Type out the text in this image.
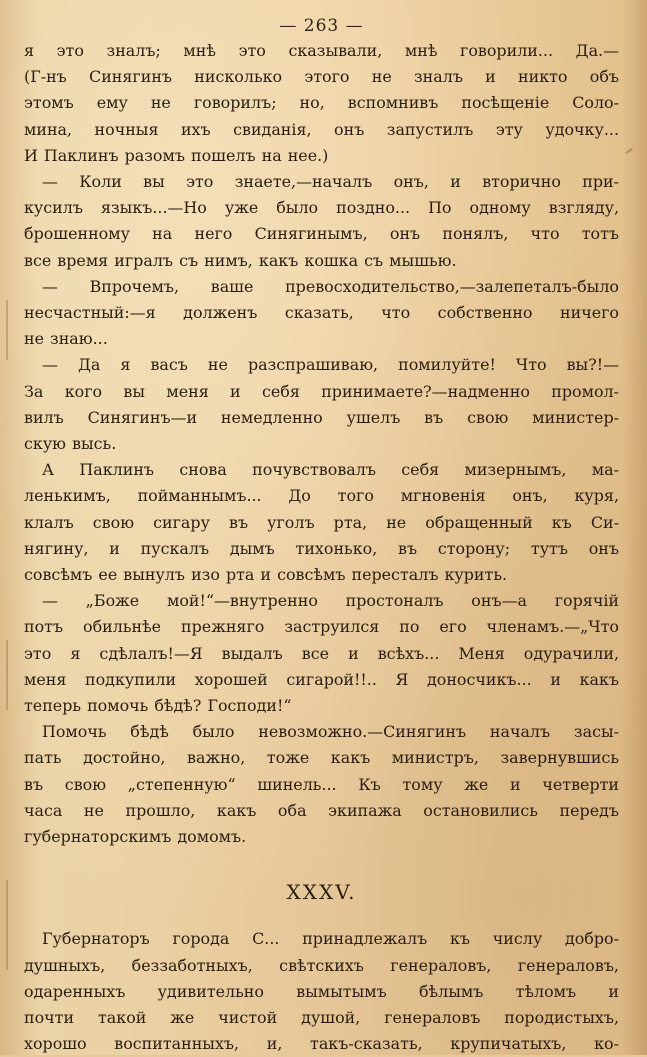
— 263 —

я это зналъ; мнѣ это сказывали, мнѣ говорили... Да.—
(Г-нъ Синягинъ нисколько этого не зналъ и никто объ
этомъ ему не говорилъ; но, вспомнивъ посѣщеніе Соло-
мина, ночныя ихъ свиданія, онъ запустилъ эту удочку...
И Паклинъ разомъ пошелъ на нее.)

— Коли вы это знаете,—началъ онъ, и вторично при-
кусилъ языкъ...—Но уже было поздно... По одному взгляду,
брошенному на него Синягинымъ, онъ понялъ, что тотъ
все время игралъ съ нимъ, какъ кошка съ мышью.

— Впрочемъ, ваше превосходительство,—залепеталъ-было
несчастный:—я долженъ сказать, что собственно ничего
не знаю...

— Да я васъ не разспрашиваю, помилуйте! Что вы?!—
За кого вы меня и себя принимаете?—надменно промол-
вилъ Синягинъ—и немедленно ушелъ въ свою министер-
скую высь.

А Паклинъ снова почувствовалъ себя мизернымъ, ма-
ленькимъ, пойманнымъ... До того мгновенія онъ, куря,
клалъ свою сигару въ уголъ рта, не обращенный къ Си-
нягину, и пускалъ дымъ тихонько, въ сторону; тутъ онъ
совсѣмъ ее вынулъ изо рта и совсѣмъ пересталъ курить.

— „Боже мой!“—внутренно простоналъ онъ—а горячій
потъ обильнѣе прежняго заструился по его членамъ.—„Что
это я сдѣлалъ!—Я выдалъ все и всѣхъ... Меня одурачили,
меня подкупили хорошей сигарой!!.. Я доносчикъ... и какъ
теперь помочь бѣдѣ? Господи!“

Помочь бѣдѣ было невозможно.—Синягинъ началъ засы-
пать достойно, важно, тоже какъ министръ, завернувшись
въ свою „степенную“ шинель... Къ тому же и четверти
часа не прошло, какъ оба экипажа остановились передъ
губернаторскимъ домомъ.

XXXV.

Губернаторъ города С... принадлежалъ къ числу добро-
душныхъ, беззаботныхъ, свѣтскихъ генераловъ, генераловъ,
одаренныхъ удивительно вымытымъ бѣлымъ тѣломъ и
почти такой же чистой душой, генераловъ породистыхъ,
хорошо воспитанныхъ, и, такъ-сказать, крупичатыхъ, ко-
